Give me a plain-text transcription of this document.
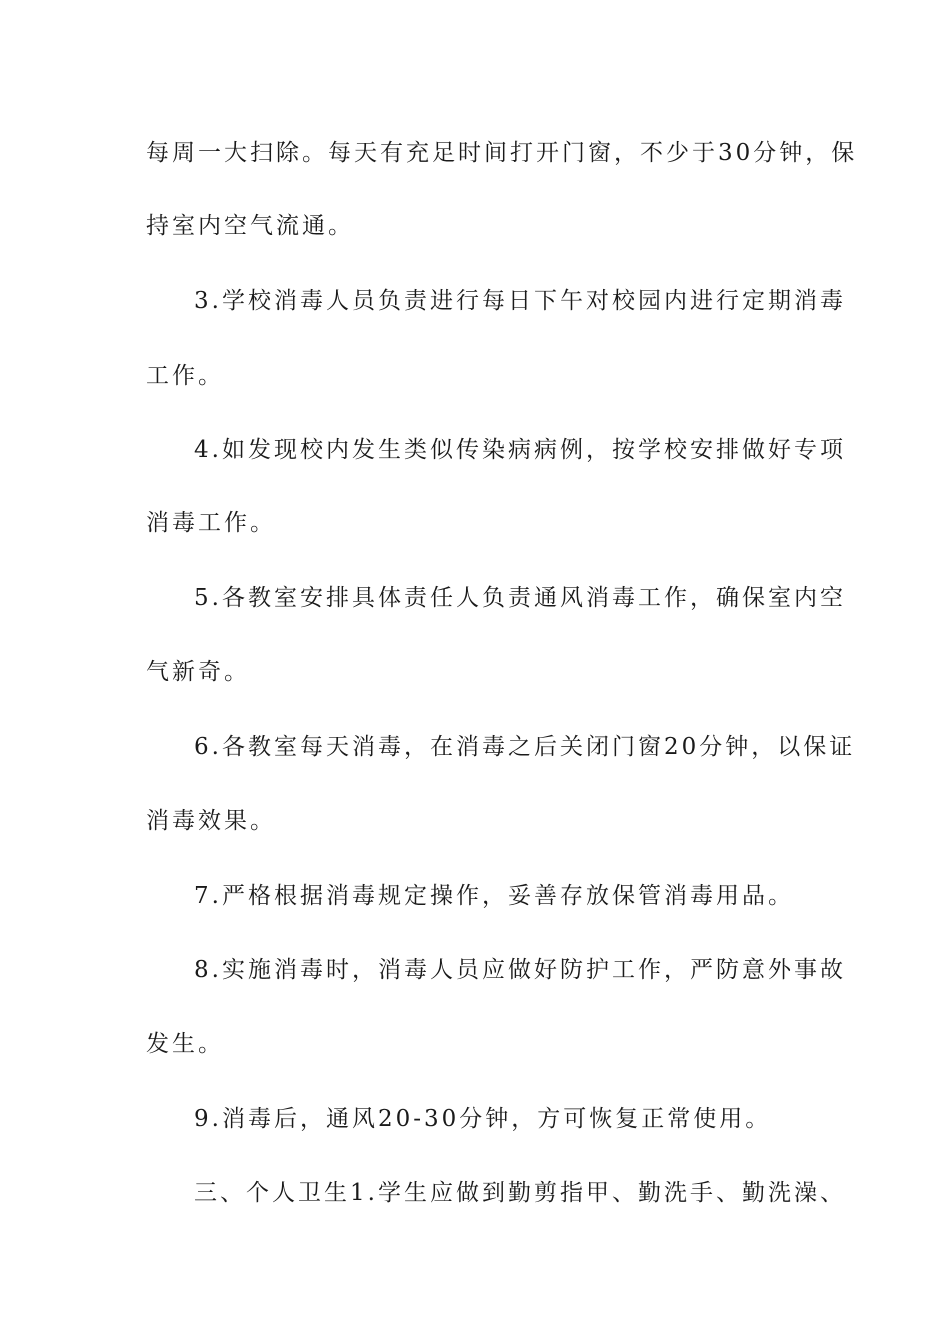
每周一大扫除。每天有充足时间打开门窗，不少于30分钟，保
持室内空气流通。
3.学校消毒人员负责进行每日下午对校园内进行定期消毒
工作。
4.如发现校内发生类似传染病病例，按学校安排做好专项
消毒工作。
5.各教室安排具体责任人负责通风消毒工作，确保室内空
气新奇。
6.各教室每天消毒，在消毒之后关闭门窗20分钟，以保证
消毒效果。
7.严格根据消毒规定操作，妥善存放保管消毒用品。
8.实施消毒时，消毒人员应做好防护工作，严防意外事故
发生。
9.消毒后，通风20-30分钟，方可恢复正常使用。
三、个人卫生1.学生应做到勤剪指甲、勤洗手、勤洗澡、
